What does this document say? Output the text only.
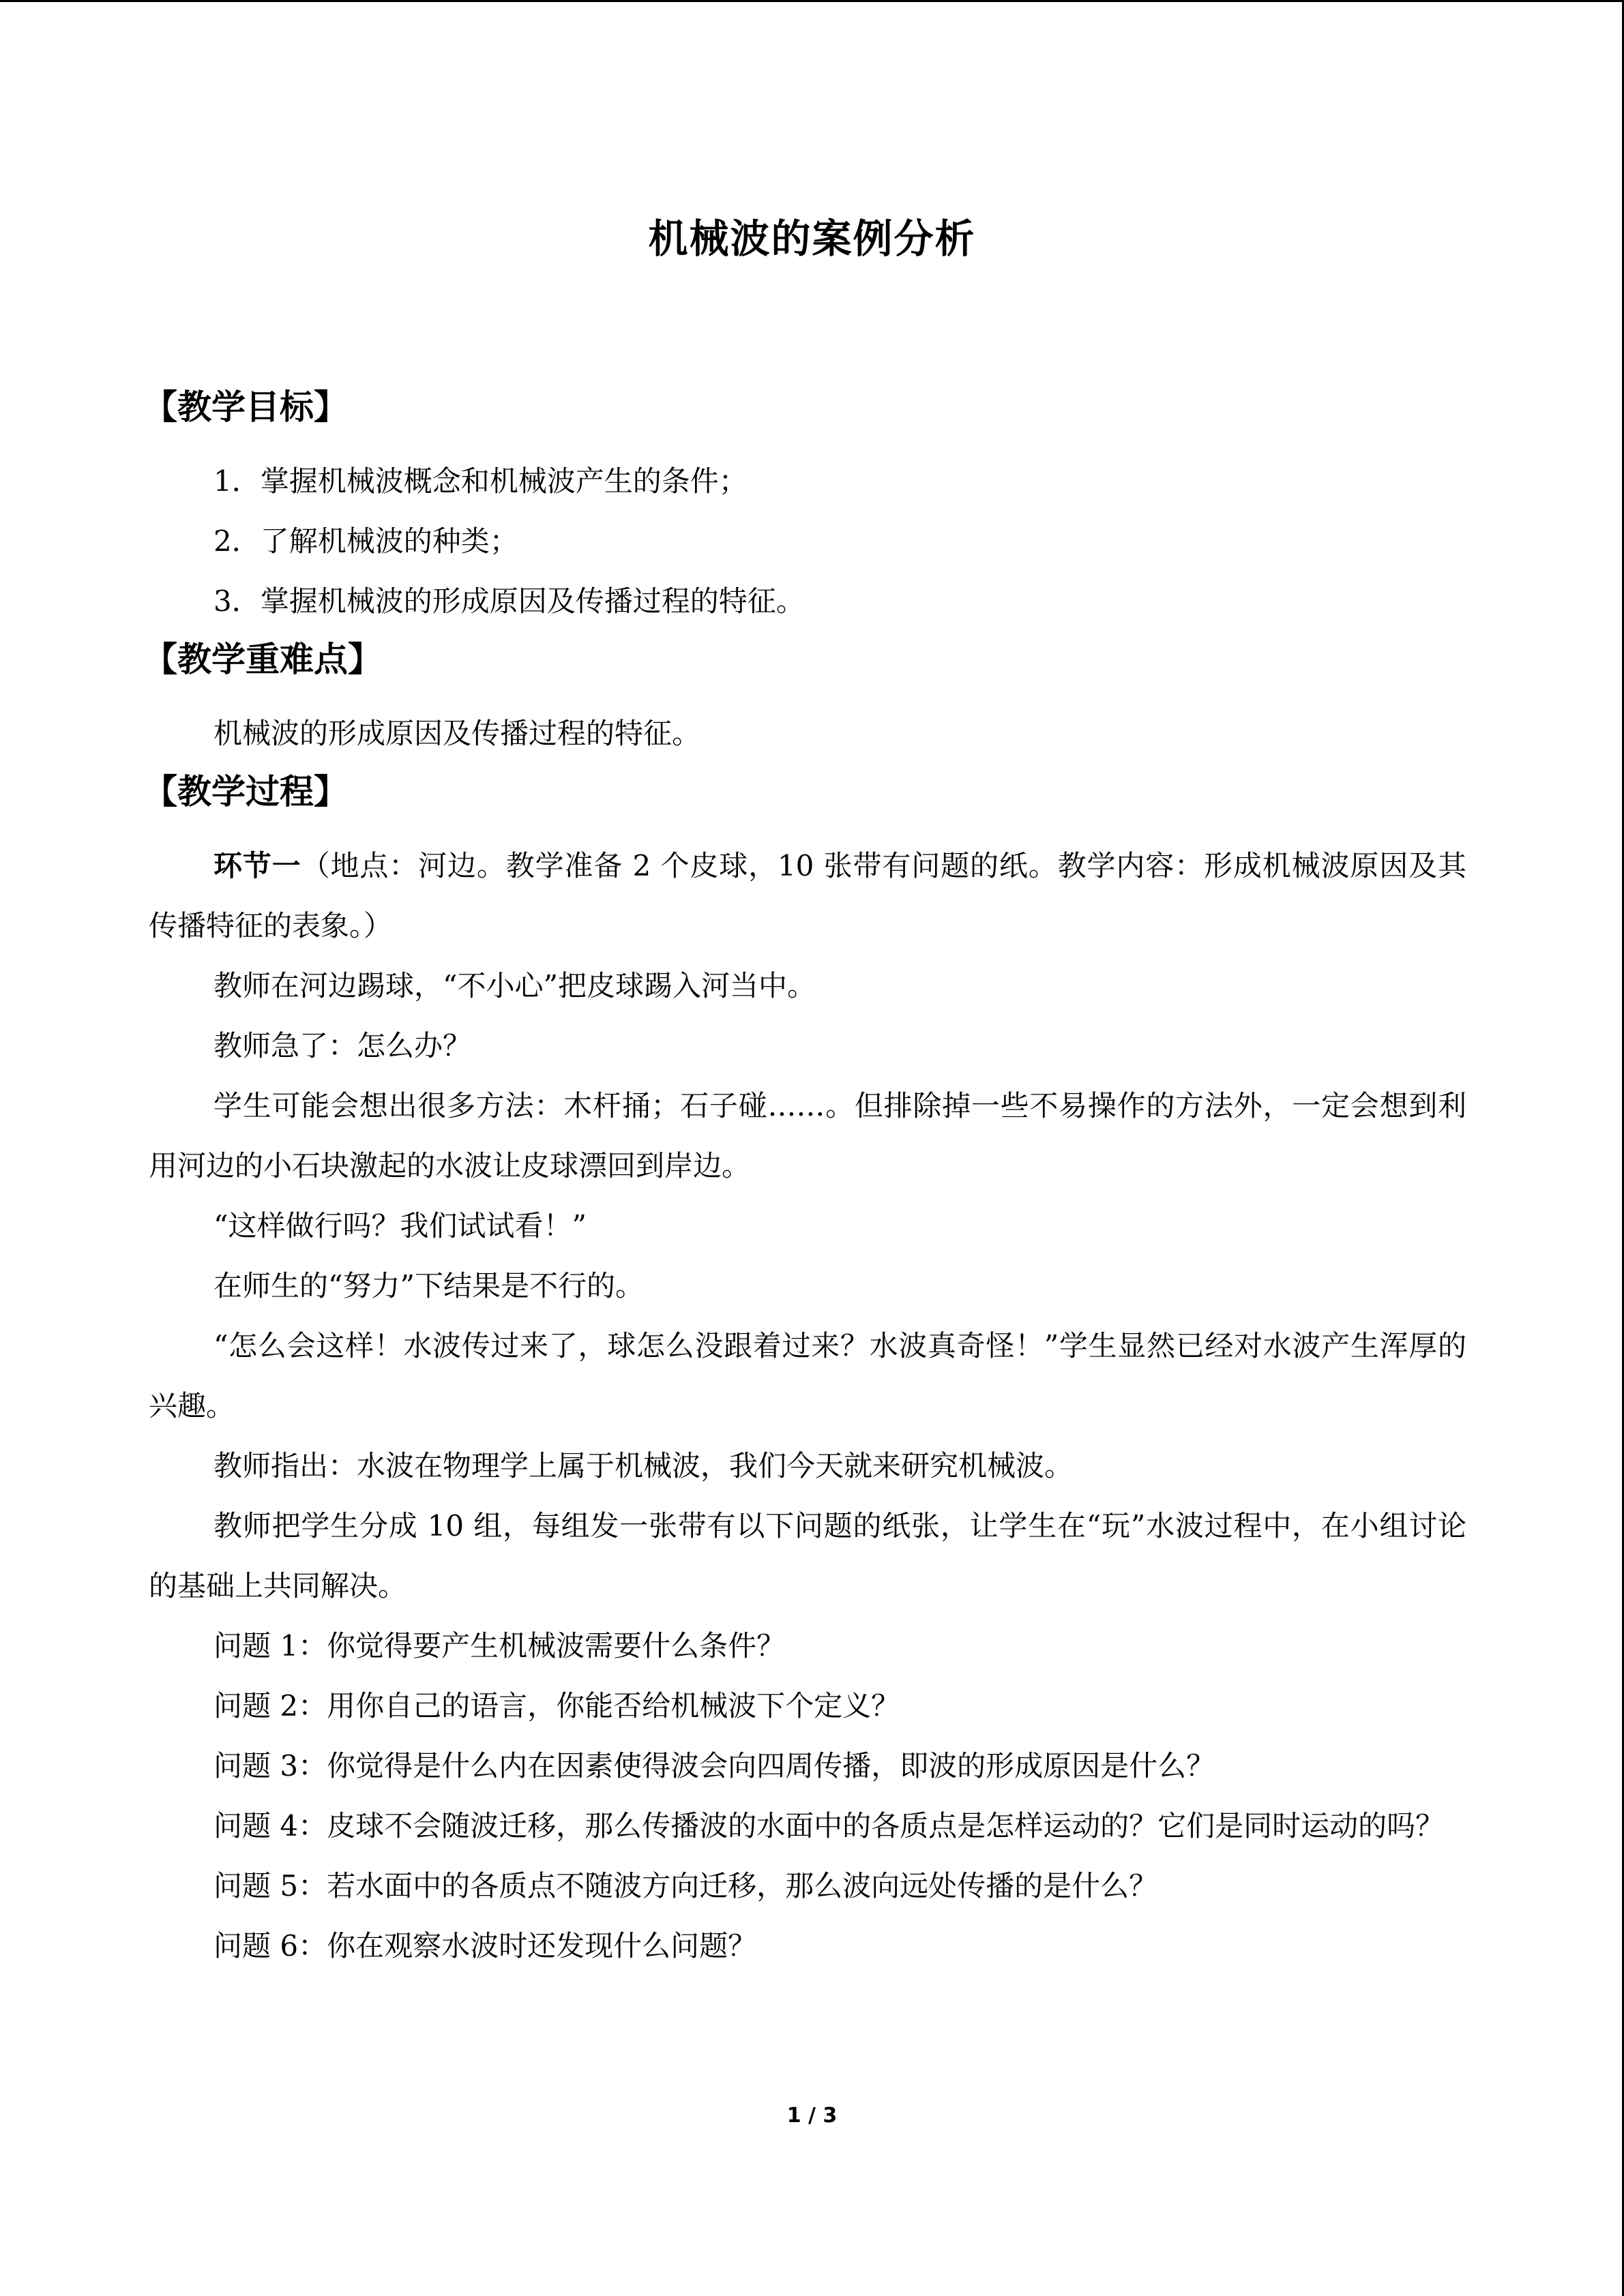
机械波的案例分析
【教学目标】
1．掌握机械波概念和机械波产生的条件；
2．了解机械波的种类；
3．掌握机械波的形成原因及传播过程的特征。
【教学重难点】
机械波的形成原因及传播过程的特征。
【教学过程】

环节一（地点：河边。教学准备 2 个皮球，10 张带有问题的纸。教学内容：形成机械波原因及其传播特征的表象。）

教师在河边踢球，“不小心”把皮球踢入河当中。

教师急了：怎么办？

学生可能会想出很多方法：木杆捅；石子碰……。但排除掉一些不易操作的方法外，一定会想到利用河边的小石块激起的水波让皮球漂回到岸边。

“这样做行吗？我们试试看！”

在师生的“努力”下结果是不行的。

“怎么会这样！水波传过来了，球怎么没跟着过来？水波真奇怪！”学生显然已经对水波产生浑厚的兴趣。

教师指出：水波在物理学上属于机械波，我们今天就来研究机械波。

教师把学生分成 10 组，每组发一张带有以下问题的纸张，让学生在“玩”水波过程中，在小组讨论的基础上共同解决。

问题 1：你觉得要产生机械波需要什么条件？

问题 2：用你自己的语言，你能否给机械波下个定义？

问题 3：你觉得是什么内在因素使得波会向四周传播，即波的形成原因是什么？

问题 4：皮球不会随波迁移，那么传播波的水面中的各质点是怎样运动的？它们是同时运动的吗？

问题 5：若水面中的各质点不随波方向迁移，那么波向远处传播的是什么？

问题 6：你在观察水波时还发现什么问题？

1 / 3
